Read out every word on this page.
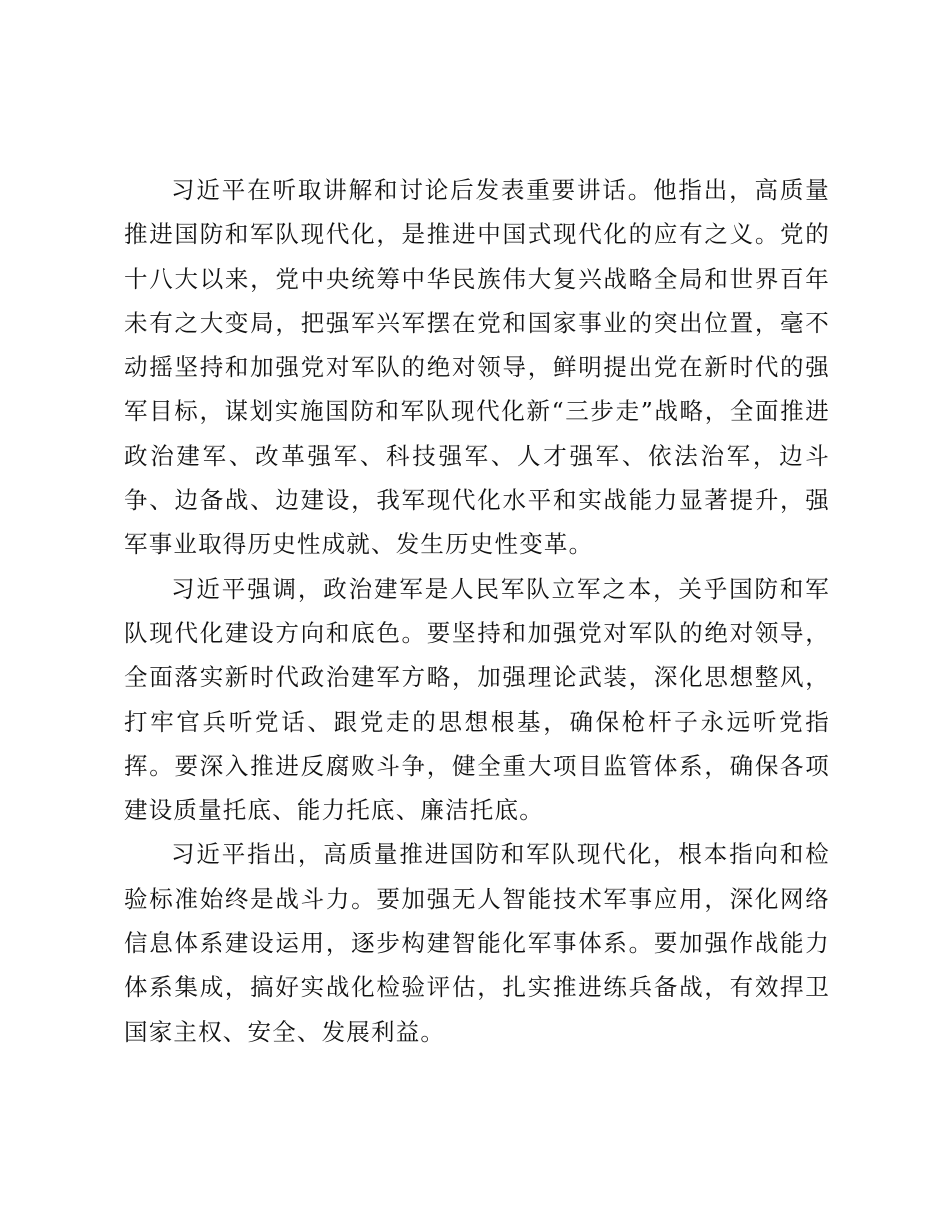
习近平在听取讲解和讨论后发表重要讲话。他指出，高质量推进国防和军队现代化，是推进中国式现代化的应有之义。党的十八大以来，党中央统筹中华民族伟大复兴战略全局和世界百年未有之大变局，把强军兴军摆在党和国家事业的突出位置，毫不动摇坚持和加强党对军队的绝对领导，鲜明提出党在新时代的强军目标，谋划实施国防和军队现代化新“三步走”战略，全面推进政治建军、改革强军、科技强军、人才强军、依法治军，边斗争、边备战、边建设，我军现代化水平和实战能力显著提升，强军事业取得历史性成就、发生历史性变革。

习近平强调，政治建军是人民军队立军之本，关乎国防和军队现代化建设方向和底色。要坚持和加强党对军队的绝对领导，全面落实新时代政治建军方略，加强理论武装，深化思想整风，打牢官兵听党话、跟党走的思想根基，确保枪杆子永远听党指挥。要深入推进反腐败斗争，健全重大项目监管体系，确保各项建设质量托底、能力托底、廉洁托底。

习近平指出，高质量推进国防和军队现代化，根本指向和检验标准始终是战斗力。要加强无人智能技术军事应用，深化网络信息体系建设运用，逐步构建智能化军事体系。要加强作战能力体系集成，搞好实战化检验评估，扎实推进练兵备战，有效捍卫国家主权、安全、发展利益。
